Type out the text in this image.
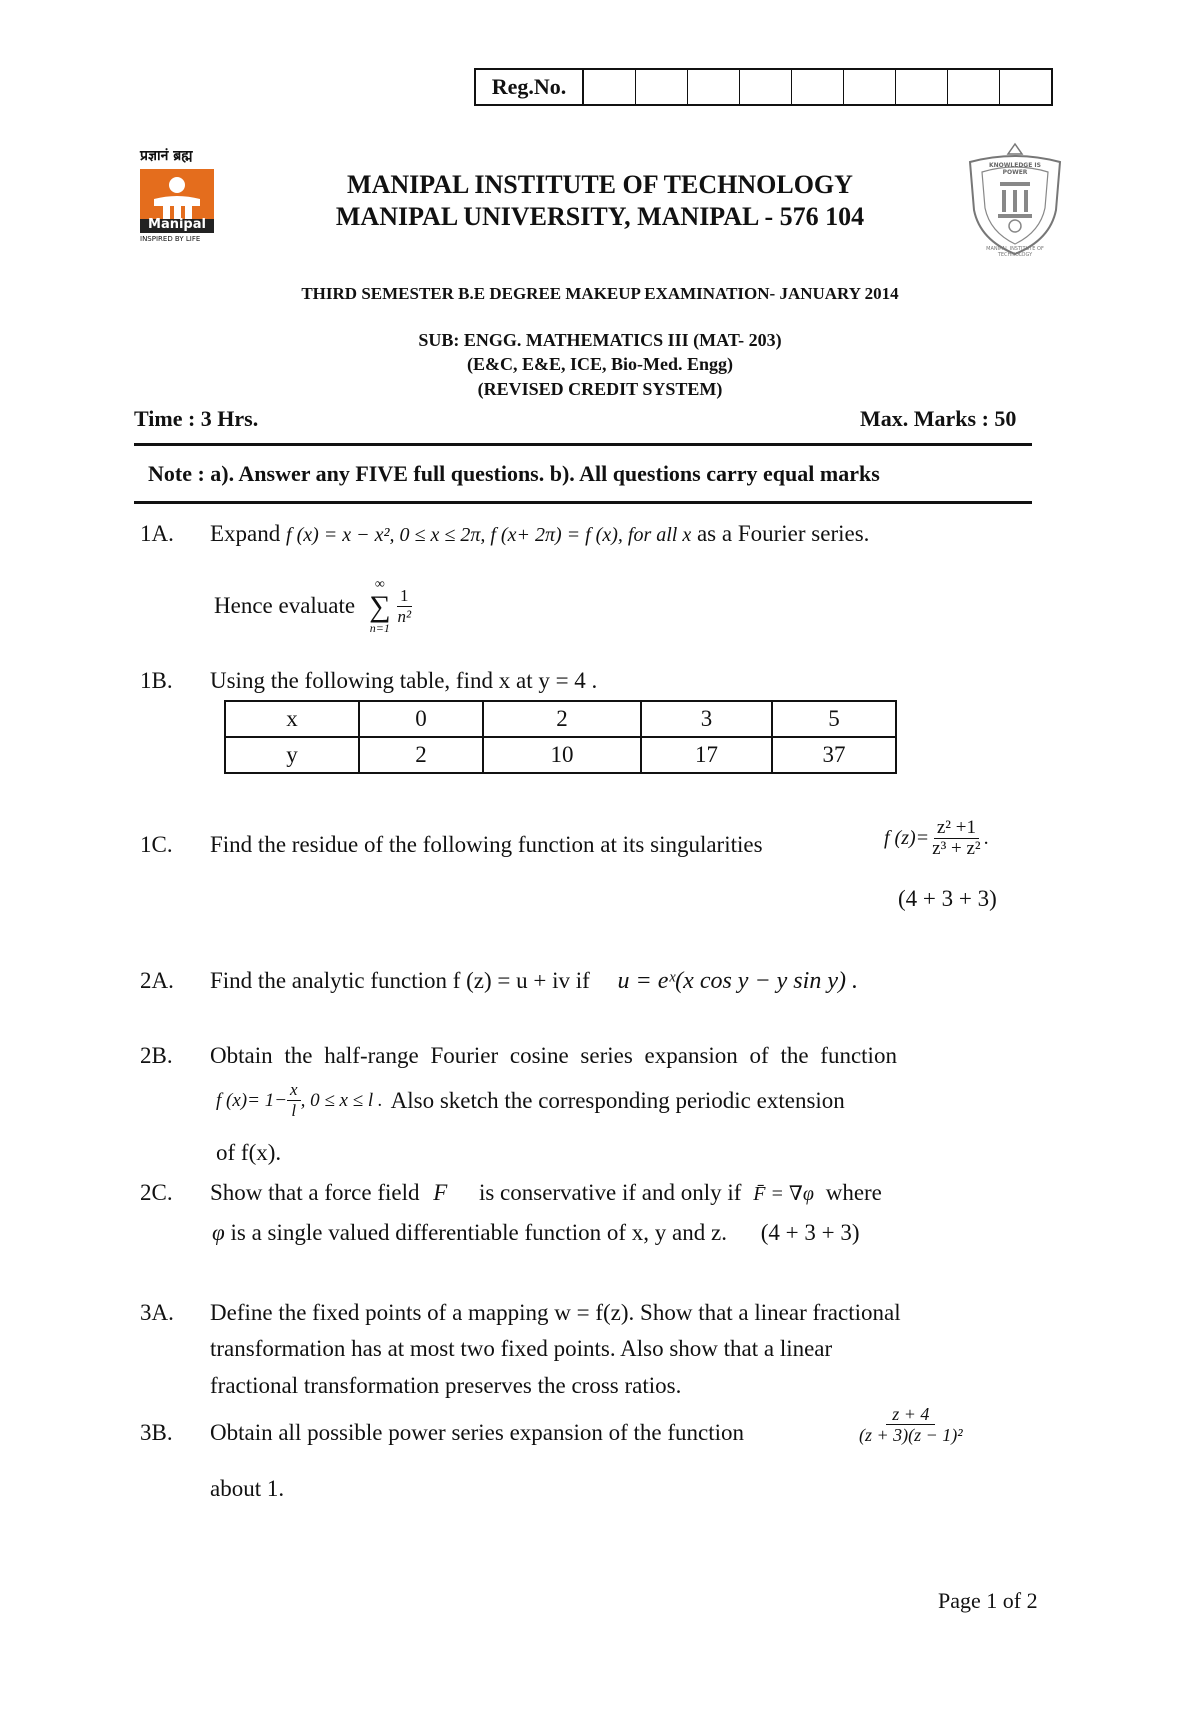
Reg.No.
प्रज्ञानं ब्रह्म
Manipal
INSPIRED BY LIFE
KNOWLEDGE IS POWER
MANIPAL INSTITUTE OF TECHNOLOGY
MANIPAL INSTITUTE OF TECHNOLOGY
MANIPAL UNIVERSITY, MANIPAL - 576 104
THIRD SEMESTER B.E DEGREE MAKEUP EXAMINATION- JANUARY 2014
SUB: ENGG. MATHEMATICS III (MAT- 203)
(E&C, E&E, ICE, Bio-Med. Engg)
(REVISED CREDIT SYSTEM)
Time : 3 Hrs.	Max. Marks : 50
Note : a). Answer any FIVE full questions. b). All questions carry equal marks
1A. Expand f (x) = x − x², 0 ≤ x ≤ 2π, f (x+ 2π) = f (x), for all x as a Fourier series.
Hence evaluate
∞
∑
n=1
$\frac{1}{\text{n²}}$
1B. Using the following table, find x at y = 4 .
x	0	2	3	5
y	2	10	17	37
1C. Find the residue of the following function at its singularities	f $(z)= \frac{\text{z² +1}}{\text{z³ + z²}}$ .
(4 + 3 + 3)
2A. Find the analytic function f (z) = u + iv if u = eˣ(x cos y − y sin y) .
2B. Obtain the half-range Fourier cosine series expansion of the function
f $(x)= 1- \frac{x}{l}$ , 0 ≤ x ≤ l . Also sketch the corresponding periodic extension
of f(x).
2C. Show that a force field F⃗ is conservative if and only if F̄ = ∇φ where
φ is a single valued differentiable function of x, y and z. (4 + 3 + 3)
3A. Define the fixed points of a mapping w = f(z). Show that a linear fractional
transformation has at most two fixed points. Also show that a linear
fractional transformation preserves the cross ratios.
3B. Obtain all possible power series expansion of the function	$\frac{z + 4}{\text{(z + 3)(z − 1)²}}$
about 1.
Page 1 of 2
